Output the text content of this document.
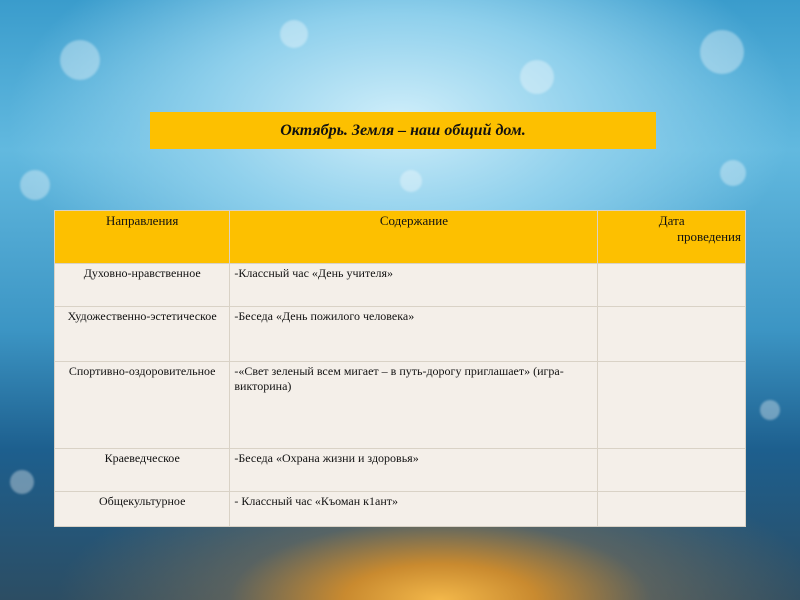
Октябрь. Земля – наш общий дом.
Направления	Содержание	Дата
проведения

Духовно-нравственное	-Классный час «День учителя»	
Художественно-эстетическое	-Беседа «День пожилого человека»	
Спортивно-оздоровительное	-«Свет зеленый всем мигает – в путь-дорогу приглашает» (игра-викторина)	
Краеведческое	-Беседа «Охрана жизни и здоровья»	
Общекультурное	- Классный час «Къоман к1ант»	
